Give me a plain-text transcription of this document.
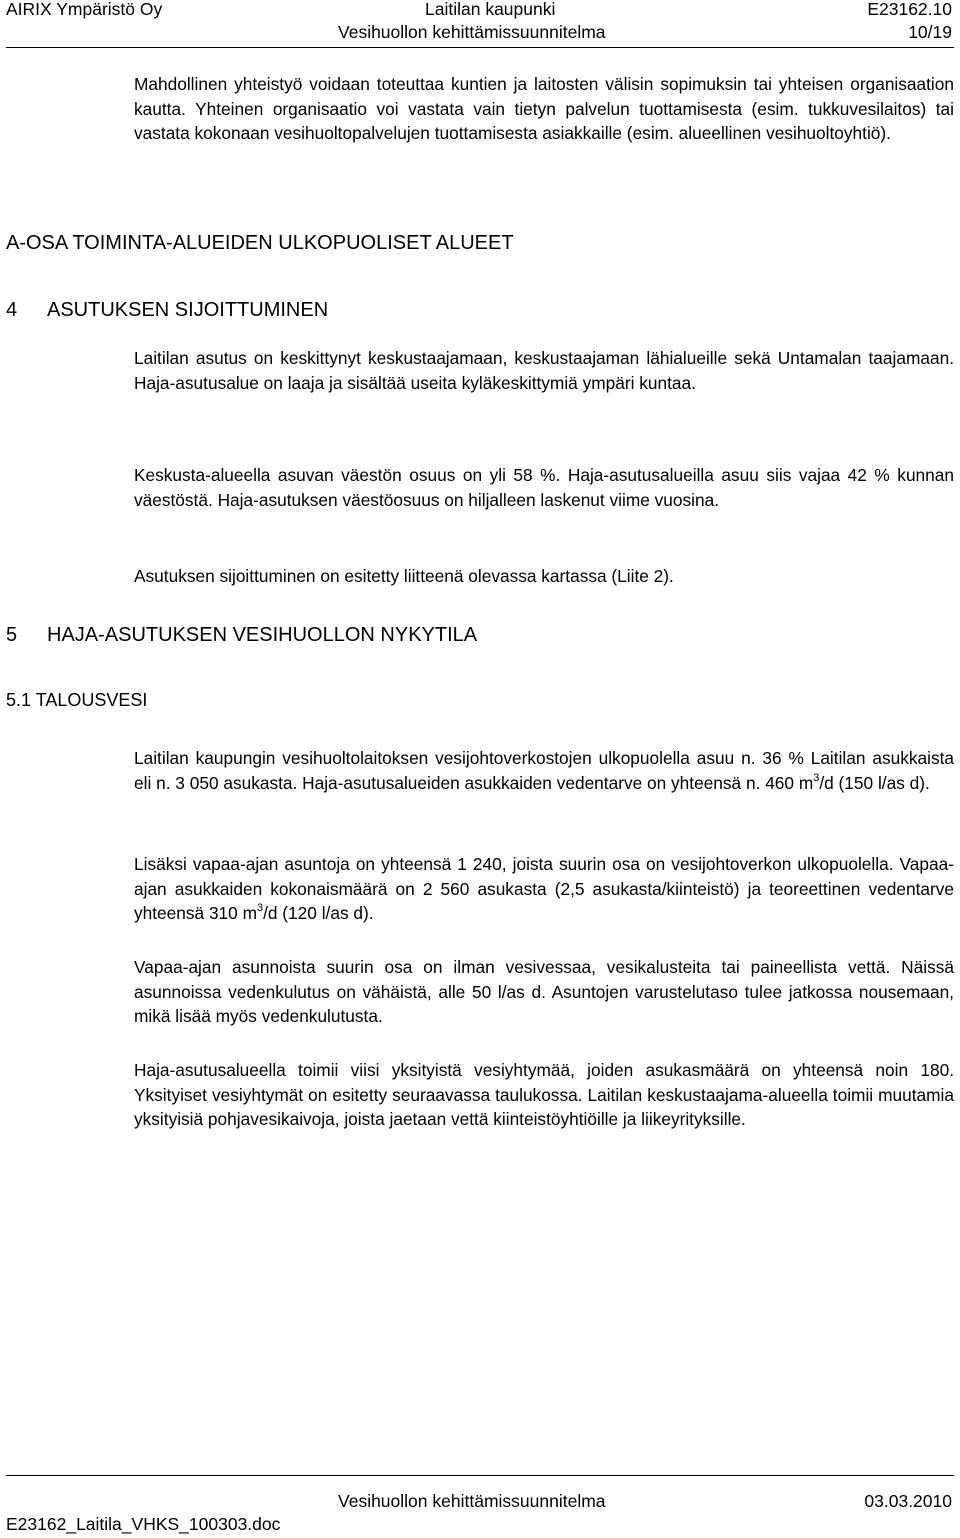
AIRIX Ympäristö Oy	Laitilan kaupunki
Vesihuollon kehittämissuunnitelma
E23162.10
10/19

Mahdollinen yhteistyö voidaan toteuttaa kuntien ja laitosten välisin sopimuksin tai yhteisen organisaation kautta. Yhteinen organisaatio voi vastata vain tietyn palvelun tuottamisesta (esim. tukkuvesilaitos) tai vastata kokonaan vesihuoltopalvelujen tuottamisesta asiakkaille (esim. alueellinen vesihuoltoyhtiö).

A-OSA TOIMINTA-ALUEIDEN ULKOPUOLISET ALUEET
4 ASUTUKSEN SIJOITTUMINEN

Laitilan asutus on keskittynyt keskustaajamaan, keskustaajaman lähialueille sekä Untamalan taajamaan. Haja-asutusalue on laaja ja sisältää useita kyläkeskittymiä ympäri kuntaa.

Keskusta-alueella asuvan väestön osuus on yli 58 %. Haja-asutusalueilla asuu siis vajaa 42 % kunnan väestöstä. Haja-asutuksen väestöosuus on hiljalleen laskenut viime vuosina.

Asutuksen sijoittuminen on esitetty liitteenä olevassa kartassa (Liite 2).

5 HAJA-ASUTUKSEN VESIHUOLLON NYKYTILA
5.1 TALOUSVESI

Laitilan kaupungin vesihuoltolaitoksen vesijohtoverkostojen ulkopuolella asuu n. 36 % Laitilan asukkaista eli n. 3 050 asukasta. Haja-asutusalueiden asukkaiden vedentarve on yhteensä n. 460 $m^3/d$ (150 l/as d).

Lisäksi vapaa-ajan asuntoja on yhteensä 1 240, joista suurin osa on vesijohtoverkon ulkopuolella. Vapaa-ajan asukkaiden kokonaismäärä on 2 560 asukasta (2,5 asukasta/kiinteistö) ja teoreettinen vedentarve yhteensä 310 $m^3/d$ (120 l/as d).

Vapaa-ajan asunnoista suurin osa on ilman vesivessaa, vesikalusteita tai paineellista vettä. Näissä asunnoissa vedenkulutus on vähäistä, alle 50 l/as d. Asuntojen varustelutaso tulee jatkossa nousemaan, mikä lisää myös vedenkulutusta.

Haja-asutusalueella toimii viisi yksityistä vesiyhtymää, joiden asukasmäärä on yhteensä noin 180. Yksityiset vesiyhtymät on esitetty seuraavassa taulukossa. Laitilan keskustaajama-alueella toimii muutamia yksityisiä pohjavesikaivoja, joista jaetaan vettä kiinteistöyhtiöille ja liikeyrityksille.

E23162_Laitila_VHKS_100303.doc
Vesihuollon kehittämissuunnitelma	03.03.2010
